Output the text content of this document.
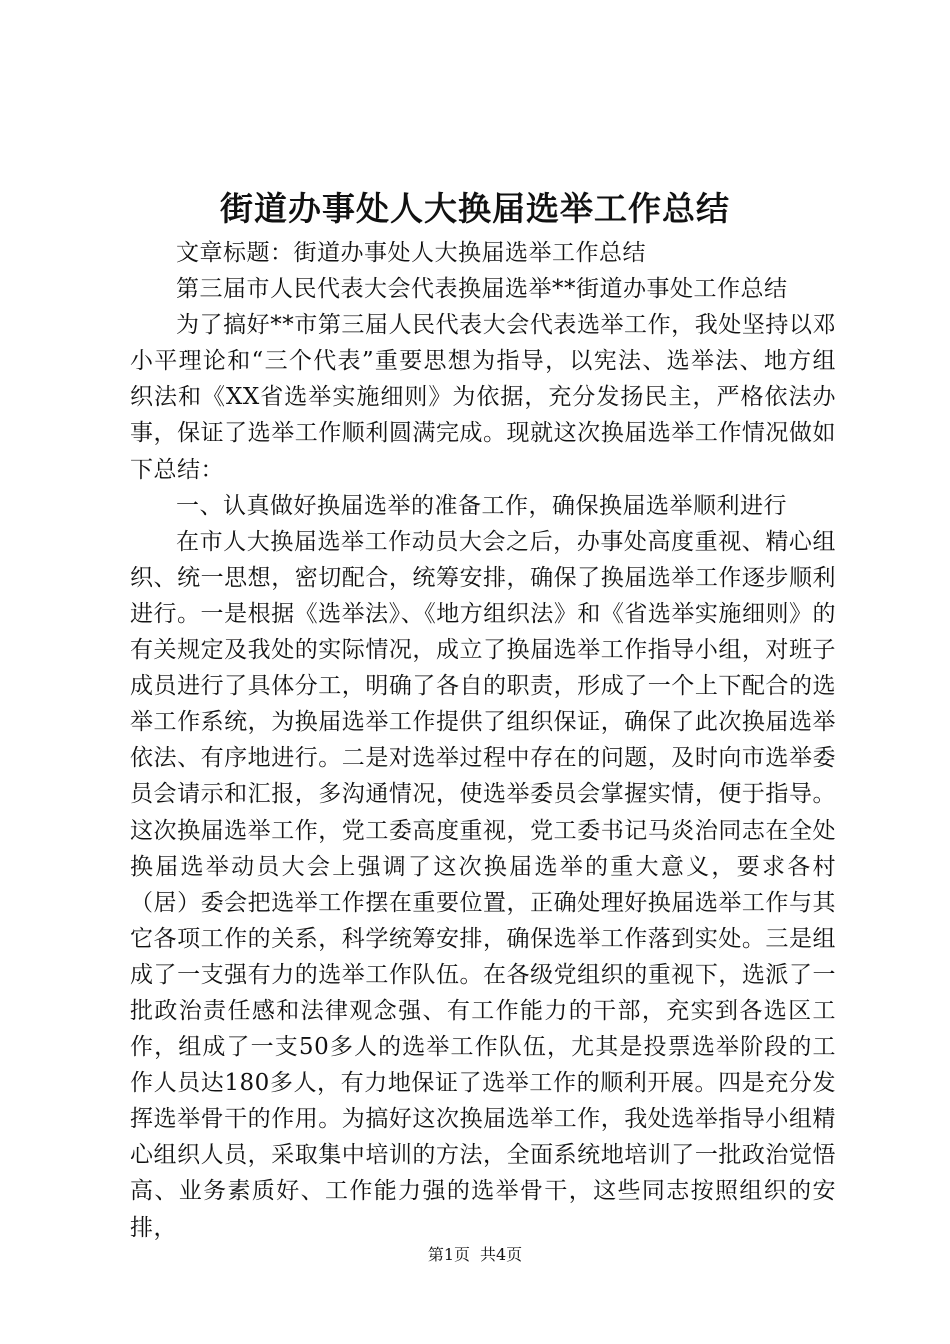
街道办事处人大换届选举工作总结

文章标题：街道办事处人大换届选举工作总结

第三届市人民代表大会代表换届选举**街道办事处工作总结

为了搞好**市第三届人民代表大会代表选举工作，我处坚持以邓小平理论和“三个代表”重要思想为指导，以宪法、选举法、地方组织法和《XX省选举实施细则》为依据，充分发扬民主，严格依法办事，保证了选举工作顺利圆满完成。现就这次换届选举工作情况做如下总结：

一、认真做好换届选举的准备工作，确保换届选举顺利进行

在市人大换届选举工作动员大会之后，办事处高度重视、精心组织、统一思想，密切配合，统筹安排，确保了换届选举工作逐步顺利进行。一是根据《选举法》、《地方组织法》和《省选举实施细则》的有关规定及我处的实际情况，成立了换届选举工作指导小组，对班子成员进行了具体分工，明确了各自的职责，形成了一个上下配合的选举工作系统，为换届选举工作提供了组织保证，确保了此次换届选举依法、有序地进行。二是对选举过程中存在的问题，及时向市选举委员会请示和汇报，多沟通情况，使选举委员会掌握实情，便于指导。这次换届选举工作，党工委高度重视，党工委书记马炎治同志在全处换届选举动员大会上强调了这次换届选举的重大意义，要求各村（居）委会把选举工作摆在重要位置，正确处理好换届选举工作与其它各项工作的关系，科学统筹安排，确保选举工作落到实处。三是组成了一支强有力的选举工作队伍。在各级党组织的重视下，选派了一批政治责任感和法律观念强、有工作能力的干部，充实到各选区工作，组成了一支50多人的选举工作队伍，尤其是投票选举阶段的工作人员达180多人，有力地保证了选举工作的顺利开展。四是充分发挥选举骨干的作用。为搞好这次换届选举工作，我处选举指导小组精心组织人员，采取集中培训的方法，全面系统地培训了一批政治觉悟高、业务素质好、工作能力强的选举骨干，这些同志按照组织的安排，

第1页 共4页
